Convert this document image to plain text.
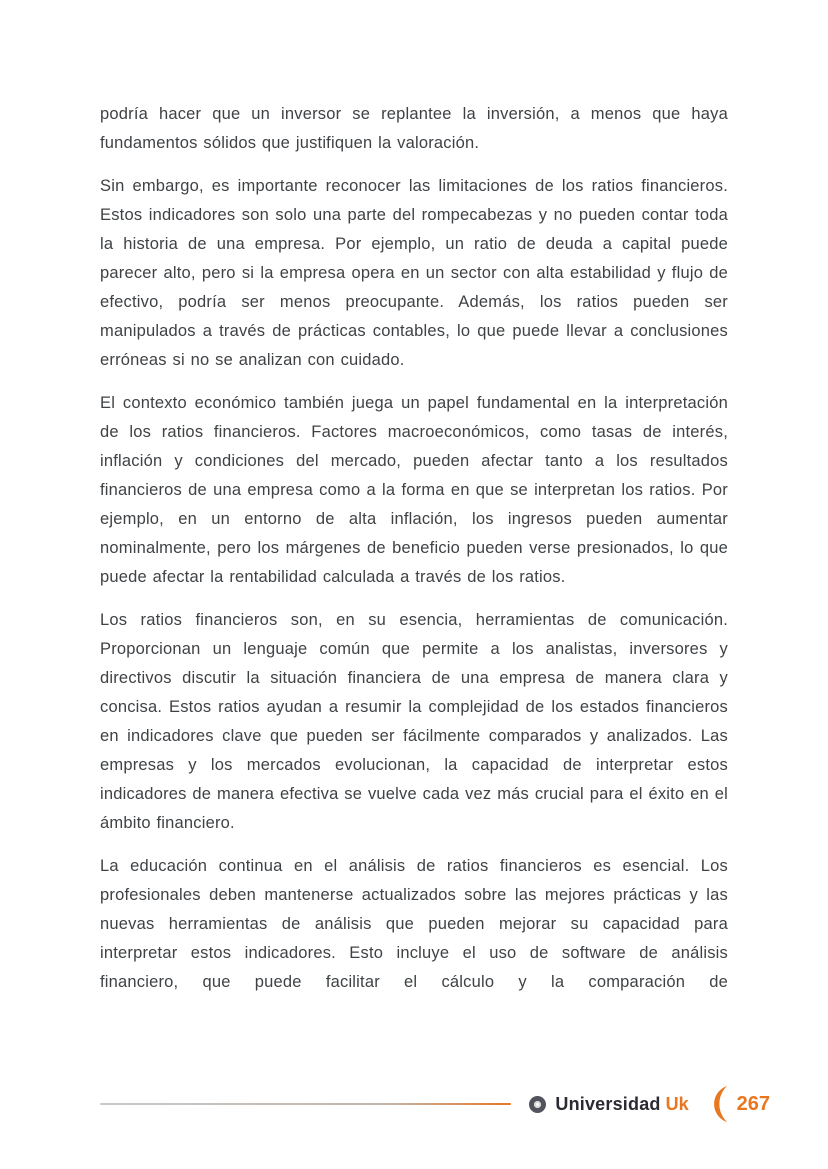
podría hacer que un inversor se replantee la inversión, a menos que haya fundamentos sólidos que justifiquen la valoración.

Sin embargo, es importante reconocer las limitaciones de los ratios financieros. Estos indicadores son solo una parte del rompecabezas y no pueden contar toda la historia de una empresa. Por ejemplo, un ratio de deuda a capital puede parecer alto, pero si la empresa opera en un sector con alta estabilidad y flujo de efectivo, podría ser menos preocupante. Además, los ratios pueden ser manipulados a través de prácticas contables, lo que puede llevar a conclusiones erróneas si no se analizan con cuidado.

El contexto económico también juega un papel fundamental en la interpretación de los ratios financieros. Factores macroeconómicos, como tasas de interés, inflación y condiciones del mercado, pueden afectar tanto a los resultados financieros de una empresa como a la forma en que se interpretan los ratios. Por ejemplo, en un entorno de alta inflación, los ingresos pueden aumentar nominalmente, pero los márgenes de beneficio pueden verse presionados, lo que puede afectar la rentabilidad calculada a través de los ratios.

Los ratios financieros son, en su esencia, herramientas de comunicación. Proporcionan un lenguaje común que permite a los analistas, inversores y directivos discutir la situación financiera de una empresa de manera clara y concisa. Estos ratios ayudan a resumir la complejidad de los estados financieros en indicadores clave que pueden ser fácilmente comparados y analizados. Las empresas y los mercados evolucionan, la capacidad de interpretar estos indicadores de manera efectiva se vuelve cada vez más crucial para el éxito en el ámbito financiero.

La educación continua en el análisis de ratios financieros es esencial. Los profesionales deben mantenerse actualizados sobre las mejores prácticas y las nuevas herramientas de análisis que pueden mejorar su capacidad para interpretar estos indicadores. Esto incluye el uso de software de análisis financiero, que puede facilitar el cálculo y la comparación de

Universidad Uk 267
